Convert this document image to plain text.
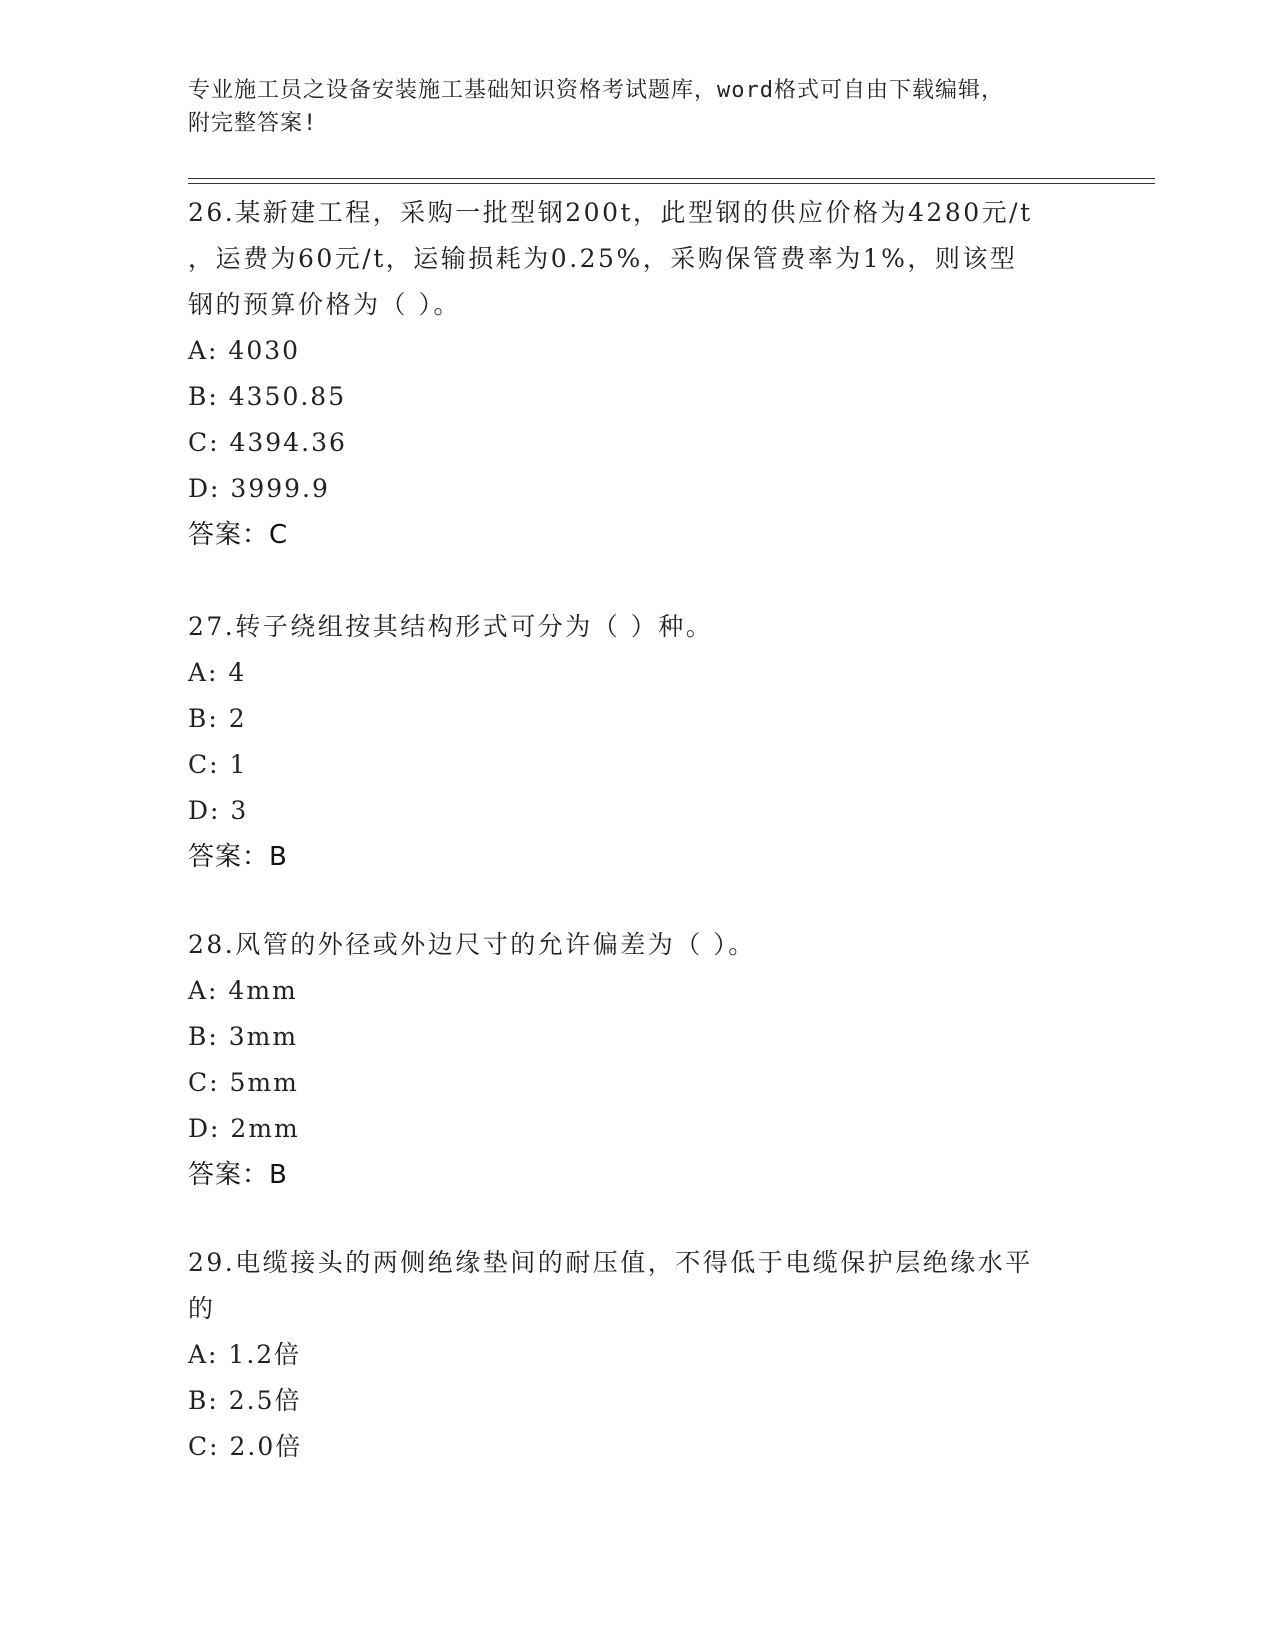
专业施工员之设备安装施工基础知识资格考试题库，word格式可自由下载编辑，
附完整答案!

26.某新建工程，采购一批型钢200t，此型钢的供应价格为4280元/t

，运费为60元/t，运输损耗为0.25%，采购保管费率为1%，则该型

钢的预算价格为（ ）。

A: 4030

B: 4350.85

C: 4394.36

D: 3999.9

答案：C

27.转子绕组按其结构形式可分为（ ）种。

A: 4

B: 2

C: 1

D: 3

答案：B

28.风管的外径或外边尺寸的允许偏差为（ ）。

A: 4mm

B: 3mm

C: 5mm

D: 2mm

答案：B

29.电缆接头的两侧绝缘垫间的耐压值，不得低于电缆保护层绝缘水平

的

A: 1.2倍

B: 2.5倍

C: 2.0倍
